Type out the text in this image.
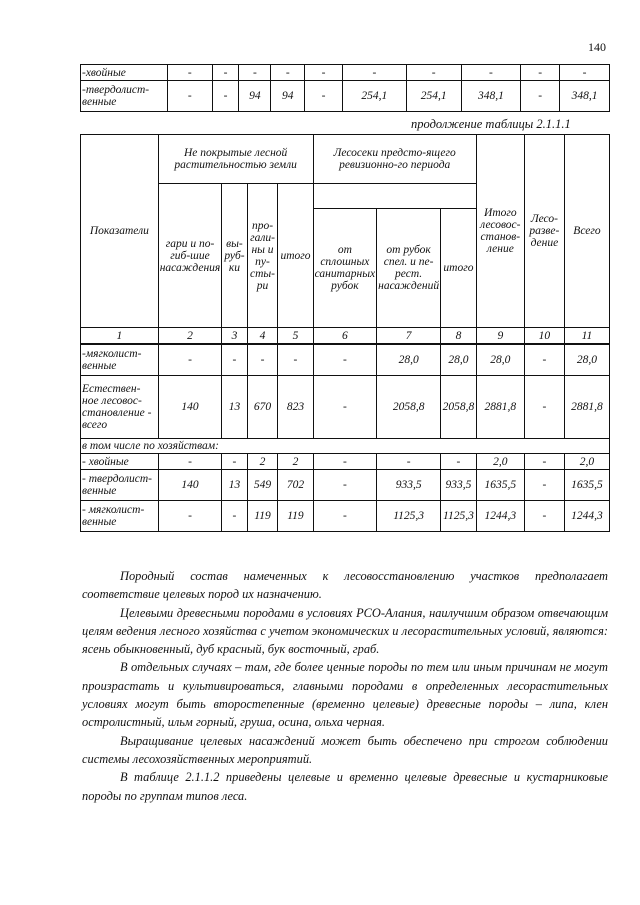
140
-хвойные	-	-	-	-	-	-	-	-	-	-
-твердолист-венные	-	-	94	94	-	254,1	254,1	348,1	-	348,1
продолжение таблицы 2.1.1.1
Показатели	Не покрытые лесной растительностью земли				Лесосеки предсто-ящего ревизионно-го периода			Итого лесовос-станов-ление	Лесо-разве-дение	Всего
	гари и по-гиб-шие насаждения	вы-руб-ки	про-гали-ны и пу-сты-ри	итого						
					от сплошных санитарных рубок	от рубок спел. и пе-рест. насаждений	итого			
1	2	3	4	5	6	7	8	9	10	11
-мягколист-венные	-	-	-	-	-	28,0	28,0	28,0	-	28,0
Естествен-ное лесовос-становление - всего	140	13	670	823	-	2058,8	2058,8	2881,8	-	2881,8
в том числе по хозяйствам:										
- хвойные	-	-	2	2	-	-	-	2,0	-	2,0
- твердолист-венные	140	13	549	702	-	933,5	933,5	1635,5	-	1635,5
- мягколист-венные	-	-	119	119	-	1125,3	1125,3	1244,3	-	1244,3

Породный состав намеченных к лесовосстановлению участков предполагает соответствие целевых пород их назначению.

Целевыми древесными породами в условиях РСО-Алания, наилучшим образом отвечающим целям ведения лесного хозяйства с учетом экономических и лесорастительных условий, являются: ясень обыкновенный, дуб красный, бук восточный, граб.

В отдельных случаях – там, где более ценные породы по тем или иным причинам не могут произрастать и культивироваться, главными породами в определенных лесорастительных условиях могут быть второстепенные (временно целевые) древесные породы – липа, клен остролистный, ильм горный, груша, осина, ольха черная.

Выращивание целевых насаждений может быть обеспечено при строгом соблюдении системы лесохозяйственных мероприятий.

В таблице 2.1.1.2 приведены целевые и временно целевые древесные и кустарниковые породы по группам типов леса.
